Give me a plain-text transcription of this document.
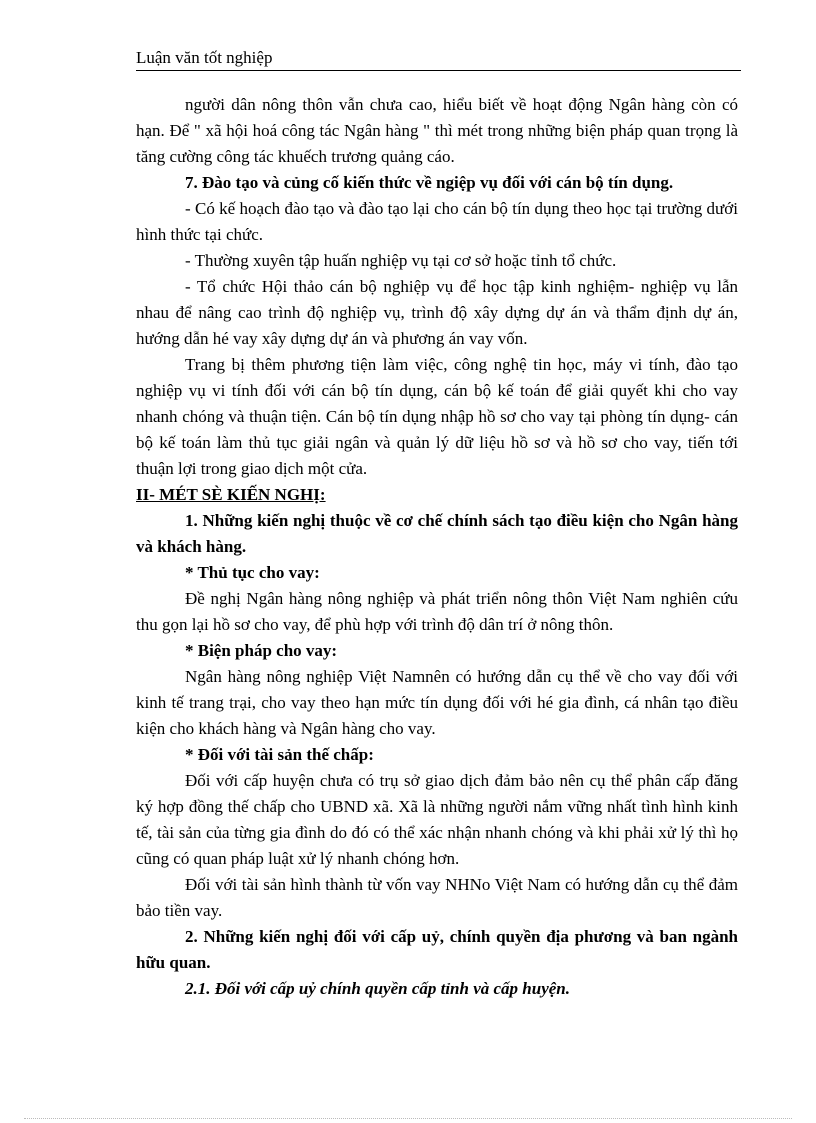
Luận văn tốt nghiệp

người dân nông thôn vẫn chưa cao, hiểu biết về hoạt động Ngân hàng còn có hạn. Để " xã hội hoá công tác Ngân hàng " thì mét trong những biện pháp quan trọng là tăng cường công tác khuếch trương quảng cáo.

7. Đào tạo và củng cố kiến thức về ngiệp vụ đối với cán bộ tín dụng.

- Có kế hoạch đào tạo và đào tạo lại cho cán bộ tín dụng theo học tại trường dưới hình thức tại chức.

- Thường xuyên tập huấn nghiệp vụ tại cơ sở hoặc tỉnh tổ chức.

- Tổ chức Hội thảo cán bộ nghiệp vụ để học tập kinh nghiệm- nghiệp vụ lẫn nhau để nâng cao trình độ nghiệp vụ, trình độ xây dựng dự án và thẩm định dự án, hướng dẫn hé vay xây dựng dự án và phương án vay vốn.

Trang bị thêm phương tiện làm việc, công nghệ tin học, máy vi tính, đào tạo nghiệp vụ vi tính đối với cán bộ tín dụng, cán bộ kế toán để giải quyết khi cho vay nhanh chóng và thuận tiện. Cán bộ tín dụng nhập hồ sơ cho vay tại phòng tín dụng- cán bộ kế toán làm thủ tục giải ngân và quản lý dữ liệu hồ sơ và hồ sơ cho vay, tiến tới thuận lợi trong giao dịch một cửa.

II- MÉT SÈ KIẾN NGHỊ:

1. Những kiến nghị thuộc về cơ chế chính sách tạo điều kiện cho Ngân hàng và khách hàng.

* Thủ tục cho vay:

Đề nghị Ngân hàng nông nghiệp và phát triển nông thôn Việt Nam nghiên cứu thu gọn lại hồ sơ cho vay, để phù hợp với trình độ dân trí ở nông thôn.

* Biện pháp cho vay:

Ngân hàng nông nghiệp Việt Namnên có hướng dẫn cụ thể về cho vay đối với kinh tế trang trại, cho vay theo hạn mức tín dụng đối với hé gia đình, cá nhân tạo điều kiện cho khách hàng và Ngân hàng cho vay.

* Đối với tài sản thế chấp:

Đối với cấp huyện chưa có trụ sở giao dịch đảm bảo nên cụ thể phân cấp đăng ký hợp đồng thế chấp cho UBND xã. Xã là những người nắm vững nhất tình hình kinh tế, tài sản của từng gia đình do đó có thể xác nhận nhanh chóng và khi phải xử lý thì họ cũng có quan pháp luật xử lý nhanh chóng hơn.

Đối với tài sản hình thành từ vốn vay NHNo Việt Nam có hướng dẫn cụ thể đảm bảo tiền vay.

2. Những kiến nghị đối với cấp uỷ, chính quyền địa phương và ban ngành hữu quan.

2.1. Đối với cấp uỷ chính quyền cấp tỉnh và cấp huyện.
